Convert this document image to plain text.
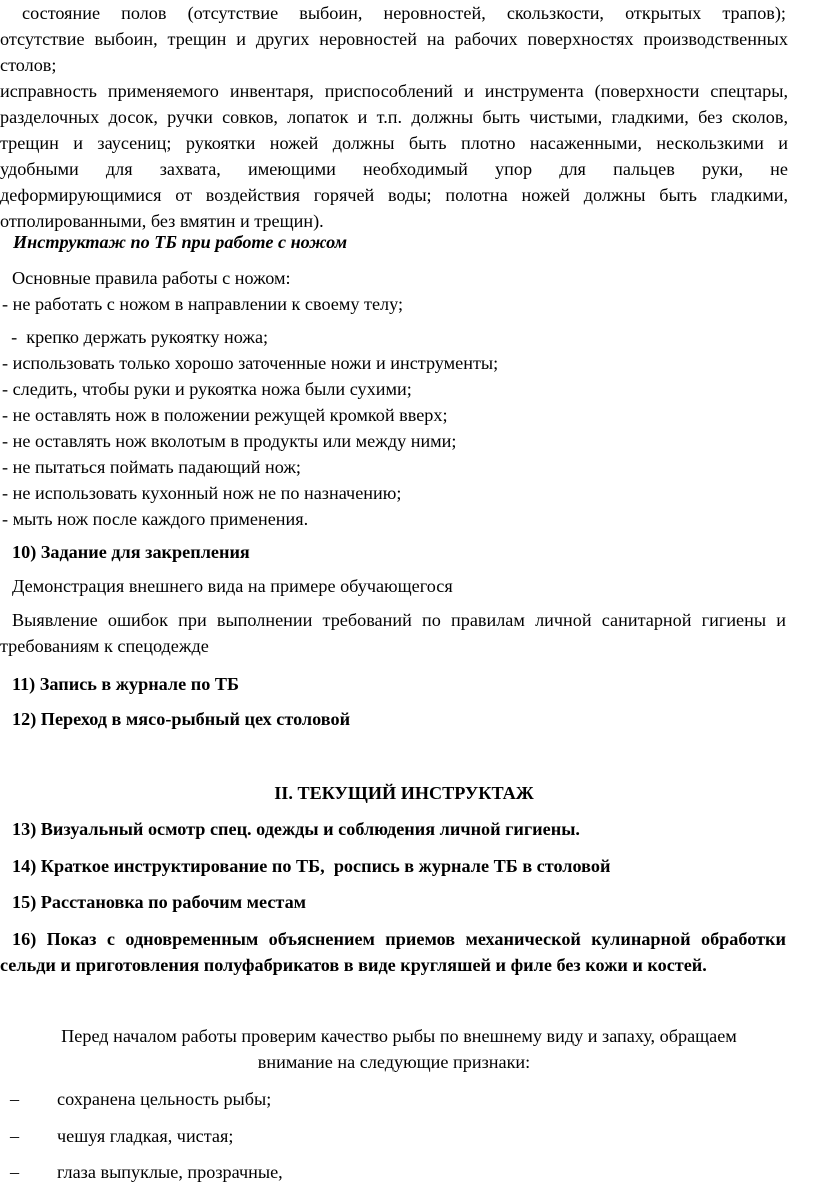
состояние полов (отсутствие выбоин, неровностей, скользкости, открытых трапов);
отсутствие выбоин, трещин и других неровностей на рабочих поверхностях производственных
столов;
исправность применяемого инвентаря, приспособлений и инструмента (поверхности спецтары,
разделочных досок, ручки совков, лопаток и т.п. должны быть чистыми, гладкими, без сколов,
трещин и заусениц; рукоятки ножей должны быть плотно насаженными, нескользкими и
удобными для захвата, имеющими необходимый упор для пальцев руки, не
деформирующимися от воздействия горячей воды; полотна ножей должны быть гладкими,
отполированными, без вмятин и трещин).
Инструктаж по ТБ при работе с ножом
Основные правила работы с ножом:
- не работать с ножом в направлении к своему телу;
-  крепко держать рукоятку ножа;
- использовать только хорошо заточенные ножи и инструменты;
- следить, чтобы руки и рукоятка ножа были сухими;
- не оставлять нож в положении режущей кромкой вверх;
- не оставлять нож вколотым в продукты или между ними;
- не пытаться поймать падающий нож;
- не использовать кухонный нож не по назначению;
- мыть нож после каждого применения.
10) Задание для закрепления
Демонстрация внешнего вида на примере обучающегося
Выявление ошибок при выполнении требований по правилам личной санитарной гигиены и
требованиям к спецодежде
11) Запись в журнале по ТБ
12) Переход в мясо-рыбный цех столовой
II. ТЕКУЩИЙ ИНСТРУКТАЖ
13) Визуальный осмотр спец. одежды и соблюдения личной гигиены.
14) Краткое инструктирование по ТБ,  роспись в журнале ТБ в столовой
15) Расстановка по рабочим местам
16) Показ с одновременным объяснением приемов механической кулинарной обработки
сельди и приготовления полуфабрикатов в виде кругляшей и филе без кожи и костей.
Перед началом работы проверим качество рыбы по внешнему виду и запаху, обращаем
внимание на следующие признаки:
– сохранена цельность рыбы;
– чешуя гладкая, чистая;
– глаза выпуклые, прозрачные,
